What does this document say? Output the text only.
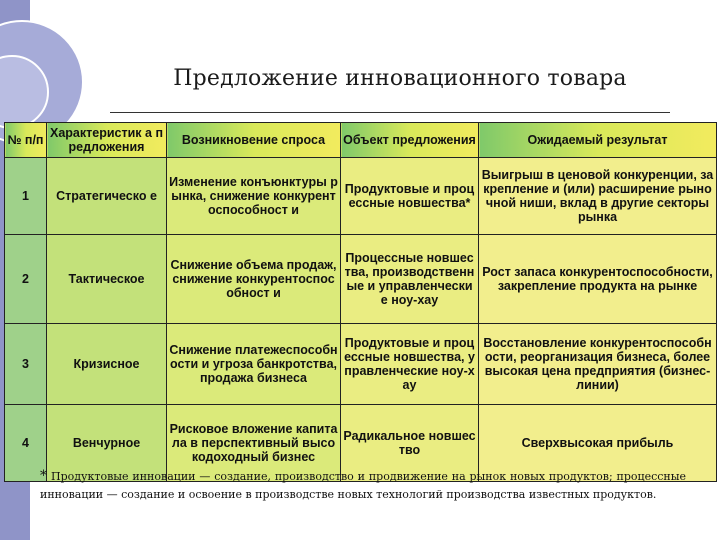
Предложение инновационного товара
№ п/п	Характеристик а предложения	Возникновение спроса	Объект предложения	Ожидаемый результат
1	Стратегическо е	Изменение конъюнктуры рынка, снижение конкурентоспособност и	Продуктовые и процессные новшества*	Выигрыш в ценовой конкуренции, закрепление и (или) расширение рыночной ниши, вклад в другие секторы рынка
2	Тактическое	Снижение объема продаж, снижение конкурентоспособност и	Процессные новшества, производственн ые и управленческие ноу-хау	Рост запаса конкурентоспособности, закрепление продукта на рынке
3	Кризисное	Снижение платежеспособности и угроза банкротства, продажа бизнеса	Продуктовые и процессные новшества, управленческие ноу-хау	Восстановление конкурентоспособности, реорганизация бизнеса, более высокая цена предприятия (бизнес-линии)
4	Венчурное	Рисковое вложение капитала в перспективный высокодоходный бизнес	Радикальное новшество	Сверхвысокая прибыль
* Продуктовые инновации — создание, производство и продвижение на рынок новых продуктов; процессные инновации — создание и освоение в производстве новых технологий производства известных продуктов.
